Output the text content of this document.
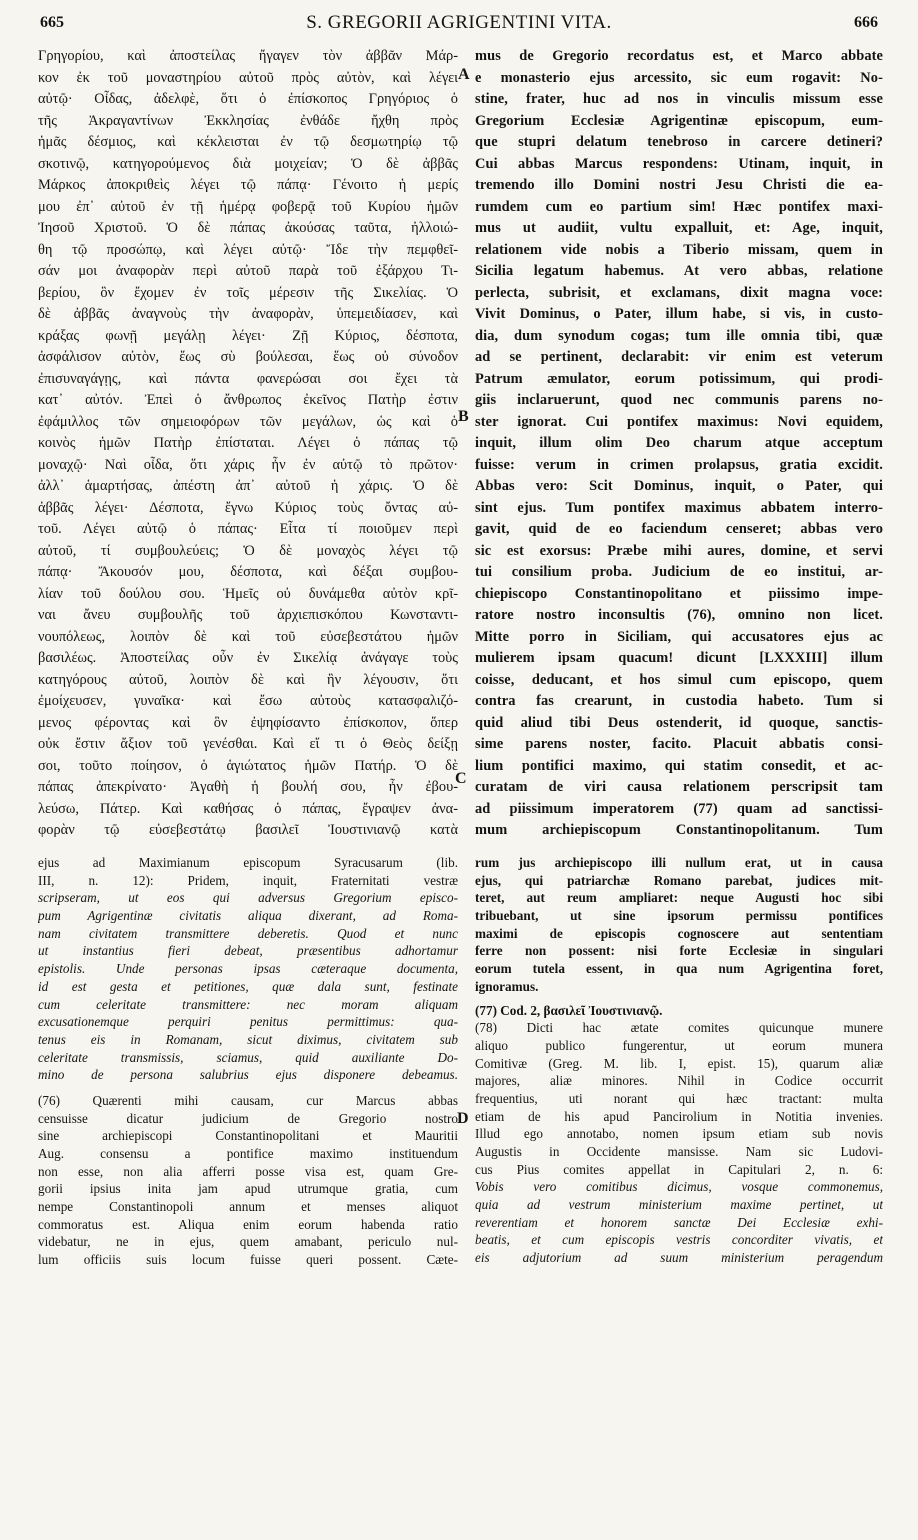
665	S. GREGORII AGRIGENTINI VITA.	666
A
B
C
D
Γρηγορίου, καὶ ἀποστείλας ἤγαγεν τὸν ἀββᾶν Μάρ-
κον ἐκ τοῦ μοναστηρίου αὐτοῦ πρὸς αὐτὸν, καὶ λέγει
αὐτῷ· Οἶδας, ἀδελφὲ, ὅτι ὁ ἐπίσκοπος Γρηγόριος ὁ
τῆς Ἀκραγαντίνων Ἐκκλησίας ἐνθάδε ἤχθη πρὸς
ἡμᾶς δέσμιος, καὶ κέκλεισται ἐν τῷ δεσμωτηρίῳ τῷ
σκοτινῷ, κατηγορούμενος διὰ μοιχείαν; Ὁ δὲ ἀββᾶς
Μάρκος ἀποκριθεὶς λέγει τῷ πάπᾳ· Γένοιτο ἡ μερίς
μου ἐπ᾽ αὐτοῦ ἐν τῇ ἡμέρᾳ φοβερᾷ τοῦ Κυρίου ἡμῶν
Ἰησοῦ Χριστοῦ. Ὁ δὲ πάπας ἀκούσας ταῦτα, ἠλλοιώ-
θη τῷ προσώπῳ, καὶ λέγει αὐτῷ· Ἴδε τὴν πεμφθεῖ-
σάν μοι ἀναφορὰν περὶ αὐτοῦ παρὰ τοῦ ἐξάρχου Τι-
βερίου, ὃν ἔχομεν ἐν τοῖς μέρεσιν τῆς Σικελίας. Ὁ
δὲ ἀββᾶς ἀναγνοὺς τὴν ἀναφορὰν, ὑπεμειδίασεν, καὶ
κράξας φωνῇ μεγάλῃ λέγει· Ζῇ Κύριος, δέσποτα,
ἀσφάλισον αὐτὸν, ἕως σὺ βούλεσαι, ἕως οὐ σύνοδον
ἐπισυναγάγῃς, καὶ πάντα φανερώσαι σοι ἔχει τὰ
κατ᾽ αὐτόν. Ἐπεὶ ὁ ἄνθρωπος ἐκεῖνος Πατὴρ ἐστιν
ἐφάμιλλος τῶν σημειοφόρων τῶν μεγάλων, ὡς καὶ ὁ
κοινὸς ἡμῶν Πατὴρ ἐπίσταται. Λέγει ὁ πάπας τῷ
μοναχῷ· Ναὶ οἶδα, ὅτι χάρις ἦν ἐν αὐτῷ τὸ πρῶτον·
ἀλλ᾽ ἁμαρτήσας, ἀπέστη ἀπ᾽ αὐτοῦ ἡ χάρις. Ὁ δὲ
ἀββᾶς λέγει· Δέσποτα, ἔγνω Κύριος τοὺς ὄντας αὐ-
τοῦ. Λέγει αὐτῷ ὁ πάπας· Εἶτα τί ποιοῦμεν περὶ
αὐτοῦ, τί συμβουλεύεις; Ὁ δὲ μοναχὸς λέγει τῷ
πάπᾳ· Ἄκουσόν μου, δέσποτα, καὶ δέξαι συμβου-
λίαν τοῦ δούλου σου. Ἡμεῖς οὐ δυνάμεθα αὐτὸν κρῖ-
ναι ἄνευ συμβουλῆς τοῦ ἀρχιεπισκόπου Κωνσταντι-
νουπόλεως, λοιπὸν δὲ καὶ τοῦ εὐσεβεστάτου ἡμῶν
βασιλέως. Ἀποστείλας οὖν ἐν Σικελίᾳ ἀνάγαγε τοὺς
κατηγόρους αὐτοῦ, λοιπὸν δὲ καὶ ἣν λέγουσιν, ὅτι
ἐμοίχευσεν, γυναῖκα· καὶ ἔσω αὐτοὺς κατασφαλιζό-
μενος φέροντας καὶ ὃν ἐψηφίσαντο ἐπίσκοπον, ὅπερ
οὐκ ἔστιν ἄξιον τοῦ γενέσθαι. Καὶ εἴ τι ὁ Θεὸς δείξῃ
σοι, τοῦτο ποίησον, ὁ ἁγιώτατος ἡμῶν Πατήρ. Ὁ δὲ
πάπας ἀπεκρίνατο· Ἀγαθὴ ἡ βουλή σου, ἦν ἐβου-
λεύσω, Πάτερ. Καὶ καθήσας ὁ πάπας, ἔγραψεν ἀνα-
φορὰν τῷ εὐσεβεστάτῳ βασιλεῖ Ἰουστινιανῷ κατὰ
mus de Gregorio recordatus est, et Marco abbate
e monasterio ejus arcessito, sic eum rogavit: No-
stine, frater, huc ad nos in vinculis missum esse
Gregorium Ecclesiæ Agrigentinæ episcopum, eum-
que stupri delatum tenebroso in carcere detineri?
Cui abbas Marcus respondens: Utinam, inquit, in
tremendo illo Domini nostri Jesu Christi die ea-
rumdem cum eo partium sim! Hæc pontifex maxi-
mus ut audiit, vultu expalluit, et: Age, inquit,
relationem vide nobis a Tiberio missam, quem in
Sicilia legatum habemus. At vero abbas, relatione
perlecta, subrisit, et exclamans, dixit magna voce:
Vivit Dominus, o Pater, illum habe, si vis, in custo-
dia, dum synodum cogas; tum ille omnia tibi, quæ
ad se pertinent, declarabit: vir enim est veterum
Patrum æmulator, eorum potissimum, qui prodi-
giis inclaruerunt, quod nec communis parens no-
ster ignorat. Cui pontifex maximus: Novi equidem,
inquit, illum olim Deo charum atque acceptum
fuisse: verum in crimen prolapsus, gratia excidit.
Abbas vero: Scit Dominus, inquit, o Pater, qui
sint ejus. Tum pontifex maximus abbatem interro-
gavit, quid de eo faciendum censeret; abbas vero
sic est exorsus: Præbe mihi aures, domine, et servi
tui consilium proba. Judicium de eo institui, ar-
chiepiscopo Constantinopolitano et piissimo impe-
ratore nostro inconsultis (76), omnino non licet.
Mitte porro in Siciliam, qui accusatores ejus ac
mulierem ipsam quacum! dicunt [LXXXIII] illum
coisse, deducant, et hos simul cum episcopo, quem
contra fas crearunt, in custodia habeto. Tum si
quid aliud tibi Deus ostenderit, id quoque, sanctis-
sime parens noster, facito. Placuit abbatis consi-
lium pontifici maximo, qui statim consedit, et ac-
curatam de viri causa relationem perscripsit tam
ad piissimum imperatorem (77) quam ad sanctissi-
mum archiepiscopum Constantinopolitanum. Tum
ejus ad Maximianum episcopum Syracusarum (lib.
III, n. 12): Pridem, inquit, Fraternitati vestræ
scripseram, ut eos qui adversus Gregorium episco-
pum Agrigentinæ civitatis aliqua dixerant, ad Roma-
nam civitatem transmittere deberetis. Quod et nunc
ut instantius fieri debeat, præsentibus adhortamur
epistolis. Unde personas ipsas cæteraque documenta,
id est gesta et petitiones, quæ dala sunt, festinate
cum celeritate transmittere: nec moram aliquam
excusationemque perquiri penitus permittimus: qua-
tenus eis in Romanam, sicut diximus, civitatem sub
celeritate transmissis, sciamus, quid auxiliante Do-
mino de persona salubrius ejus disponere debeamus.
(76) Quærenti mihi causam, cur Marcus abbas
censuisse dicatur judicium de Gregorio nostro
sine archiepiscopi Constantinopolitani et Mauritii
Aug. consensu a pontifice maximo instituendum
non esse, non alia afferri posse visa est, quam Gre-
gorii ipsius inita jam apud utrumque gratia, cum
nempe Constantinopoli annum et menses aliquot
commoratus est. Aliqua enim eorum habenda ratio
videbatur, ne in ejus, quem amabant, periculo nul-
lum officiis suis locum fuisse queri possent. Cæte-
rum jus archiepiscopo illi nullum erat, ut in causa
ejus, qui patriarchæ Romano parebat, judices mit-
teret, aut reum ampliaret: neque Augusti hoc sibi
tribuebant, ut sine ipsorum permissu pontifices
maximi de episcopis cognoscere aut sententiam
ferre non possent: nisi forte Ecclesiæ in singulari
eorum tutela essent, in qua num Agrigentina foret,
ignoramus.
(77) Cod. 2, βασιλεῖ Ἰουστινιανῷ.
(78) Dicti hac ætate comites quicunque munere
aliquo publico fungerentur, ut eorum munera
Comitivæ (Greg. M. lib. I, epist. 15), quarum aliæ
majores, aliæ minores. Nihil in Codice occurrit
frequentius, uti norant qui hæc tractant: multa
etiam de his apud Pancirolium in Notitia invenies.
Illud ego annotabo, nomen ipsum etiam sub novis
Augustis in Occidente mansisse. Nam sic Ludovi-
cus Pius comites appellat in Capitulari 2, n. 6:
Vobis vero comitibus dicimus, vosque commonemus,
quia ad vestrum ministerium maxime pertinet, ut
reverentiam et honorem sanctæ Dei Ecclesiæ exhi-
beatis, et cum episcopis vestris concorditer vivatis, et
eis adjutorium ad suum ministerium peragendum
